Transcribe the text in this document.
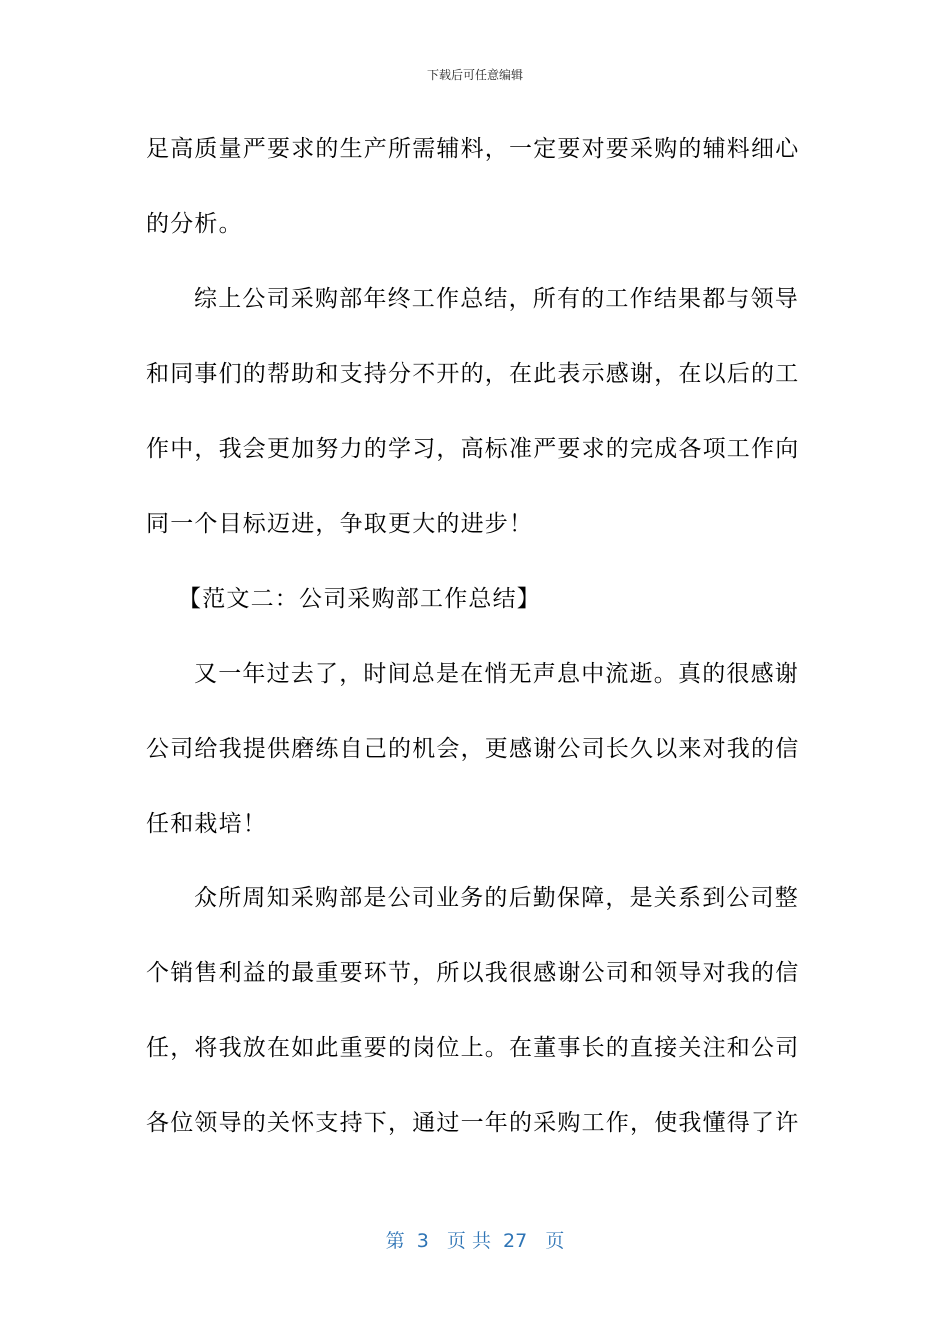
下载后可任意编辑
足高质量严要求的生产所需辅料，一定要对要采购的辅料细心
的分析。
综上公司采购部年终工作总结，所有的工作结果都与领导
和同事们的帮助和支持分不开的，在此表示感谢，在以后的工
作中，我会更加努力的学习，高标准严要求的完成各项工作向
同一个目标迈进，争取更大的进步！
【范文二：公司采购部工作总结】
又一年过去了，时间总是在悄无声息中流逝。真的很感谢
公司给我提供磨练自己的机会，更感谢公司长久以来对我的信
任和栽培！
众所周知采购部是公司业务的后勤保障，是关系到公司整
个销售利益的最重要环节，所以我很感谢公司和领导对我的信
任，将我放在如此重要的岗位上。在董事长的直接关注和公司
各位领导的关怀支持下，通过一年的采购工作，使我懂得了许
第  3   页 共  27   页
